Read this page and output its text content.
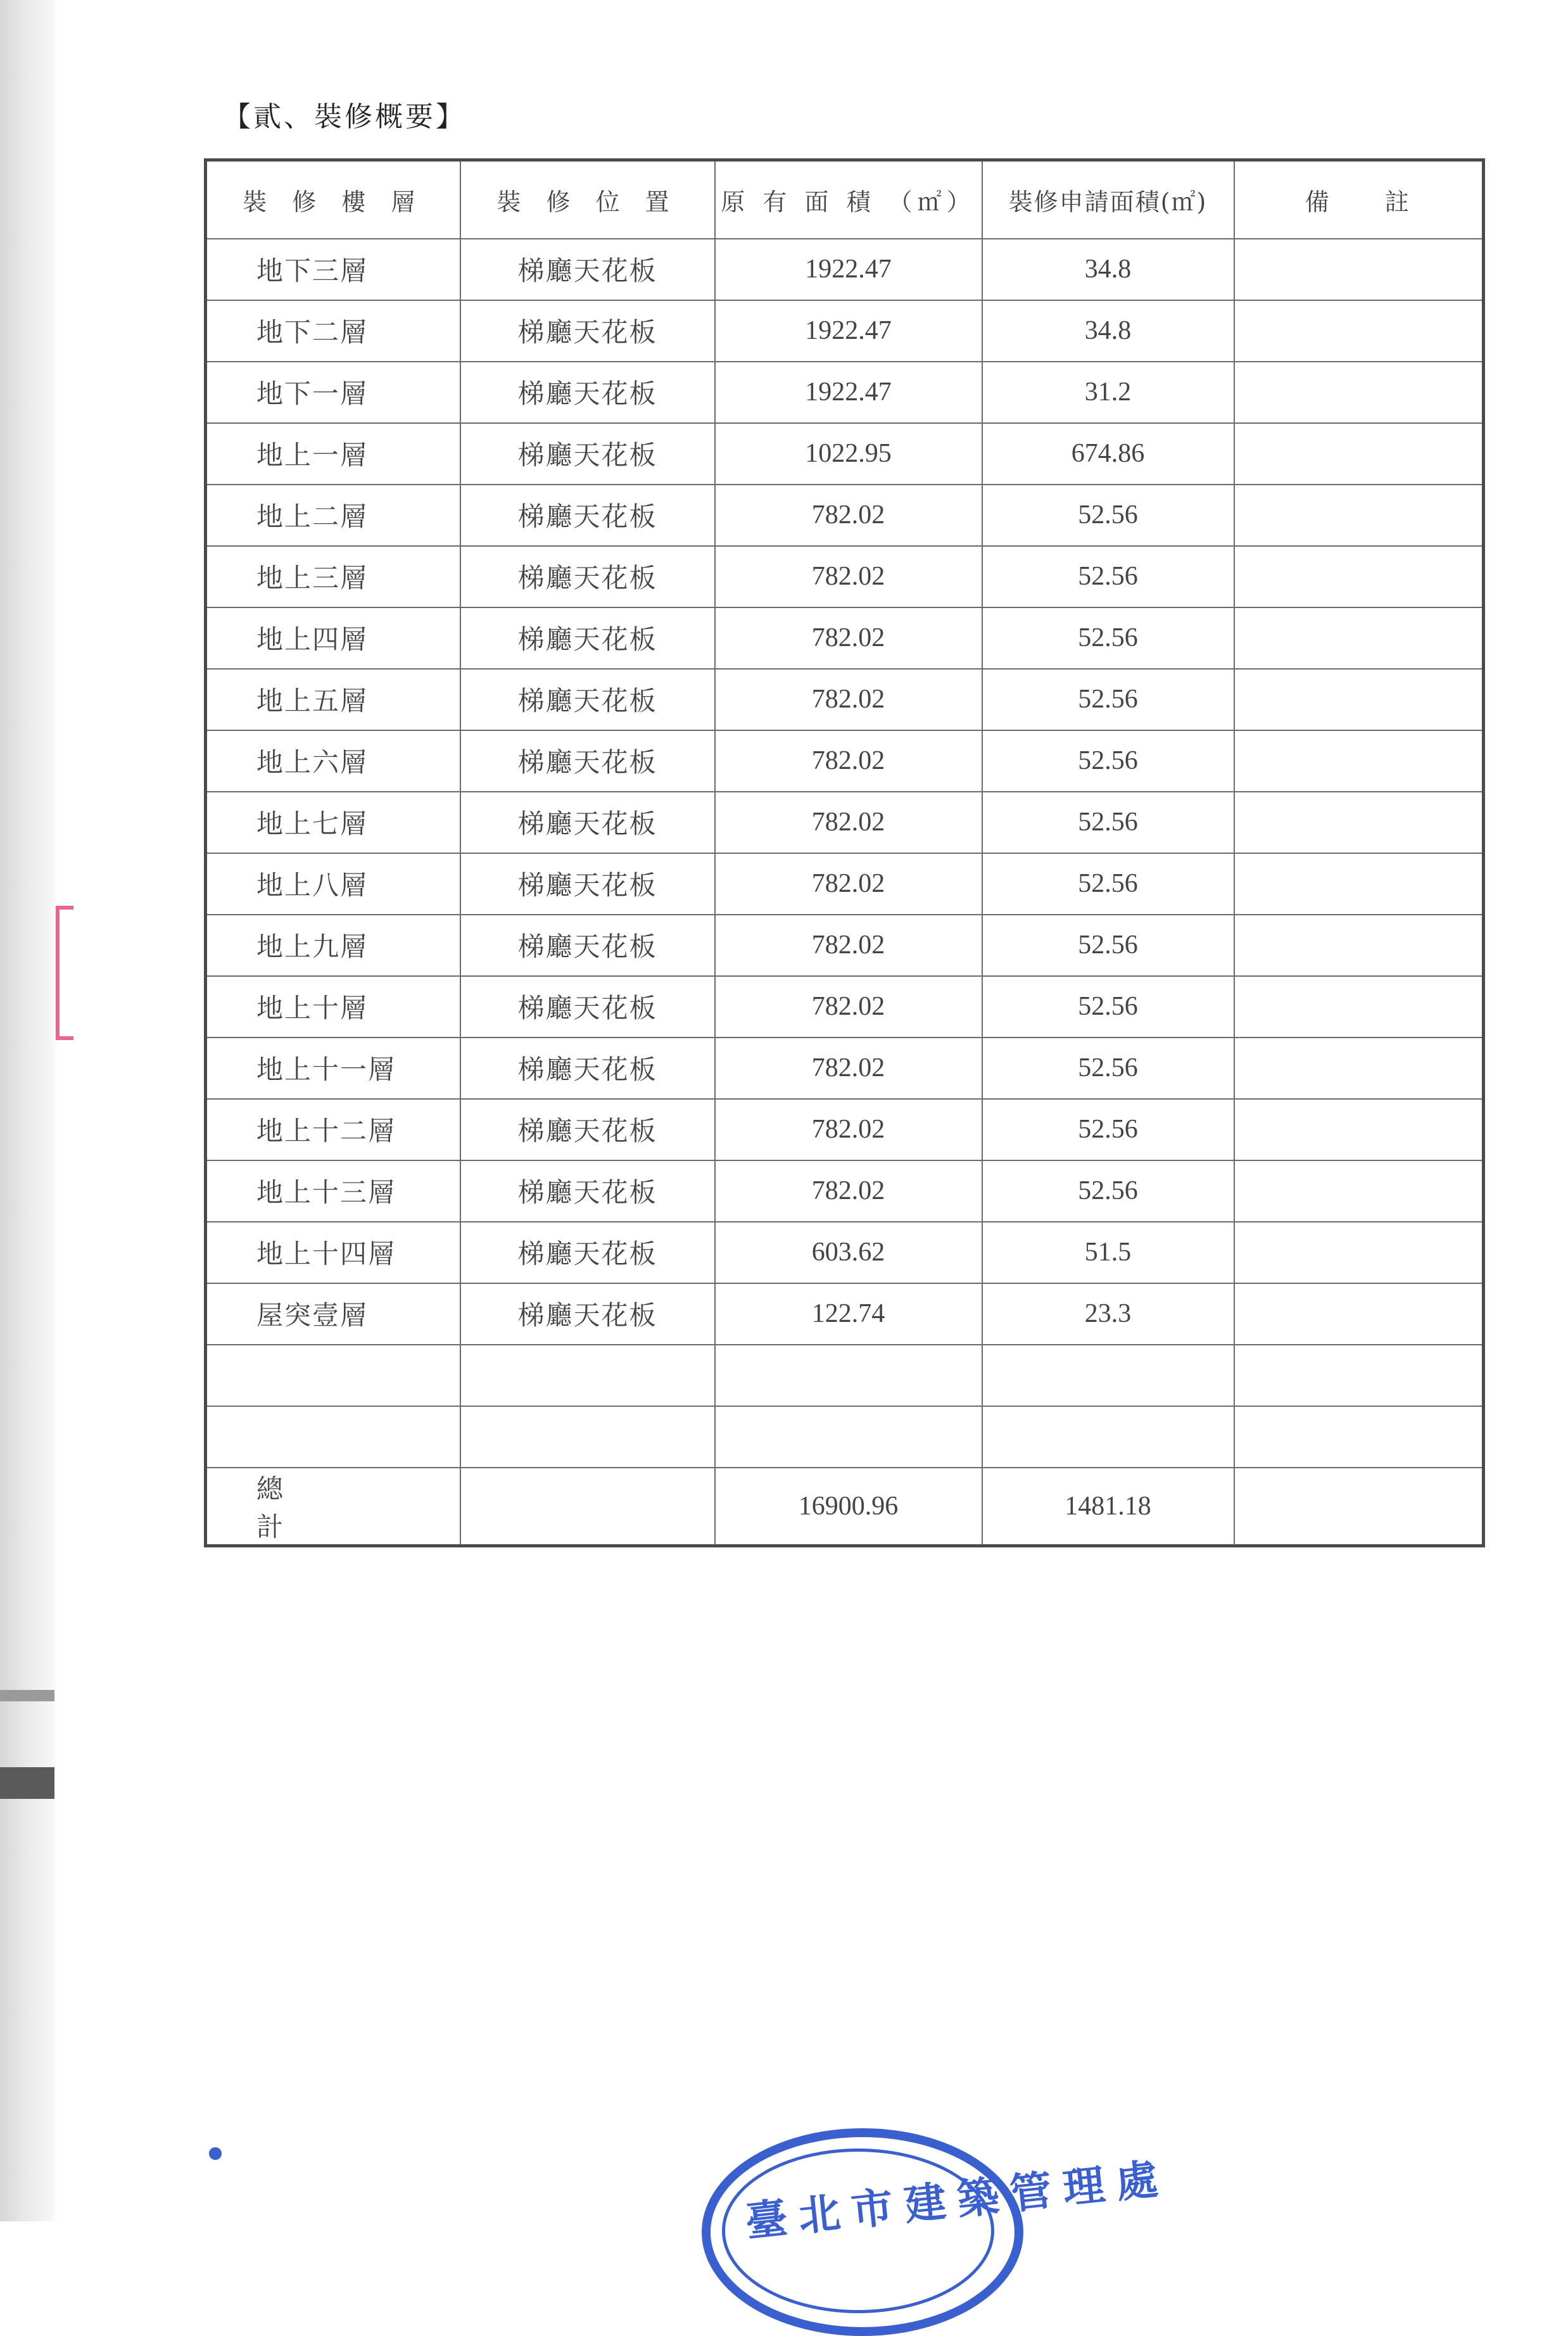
【貳、裝修概要】
裝 修 樓 層	裝 修 位 置	原 有 面 積 （㎡）	裝修申請面積(㎡)	備　　註
地下三層	梯廳天花板	1922.47	34.8	
地下二層	梯廳天花板	1922.47	34.8	
地下一層	梯廳天花板	1922.47	31.2	
地上一層	梯廳天花板	1022.95	674.86	
地上二層	梯廳天花板	782.02	52.56	
地上三層	梯廳天花板	782.02	52.56	
地上四層	梯廳天花板	782.02	52.56	
地上五層	梯廳天花板	782.02	52.56	
地上六層	梯廳天花板	782.02	52.56	
地上七層	梯廳天花板	782.02	52.56	
地上八層	梯廳天花板	782.02	52.56	
地上九層	梯廳天花板	782.02	52.56	
地上十層	梯廳天花板	782.02	52.56	
地上十一層	梯廳天花板	782.02	52.56	
地上十二層	梯廳天花板	782.02	52.56	
地上十三層	梯廳天花板	782.02	52.56	
地上十四層	梯廳天花板	603.62	51.5	
屋突壹層	梯廳天花板	122.74	23.3	

總計		16900.96	1481.18	
臺北市建築管理處
